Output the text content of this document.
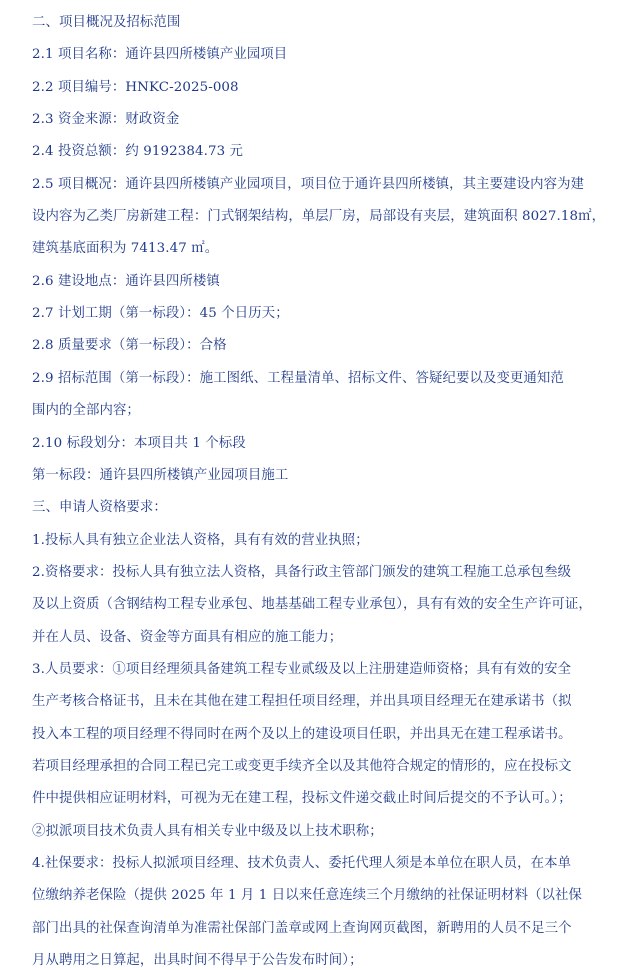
二、项目概况及招标范围
2.1 项目名称：通许县四所楼镇产业园项目
2.2 项目编号：HNKC-2025-008
2.3 资金来源：财政资金
2.4 投资总额：约 9192384.73 元
2.5 项目概况：通许县四所楼镇产业园项目，项目位于通许县四所楼镇，其主要建设内容为建
设内容为乙类厂房新建工程：门式钢架结构，单层厂房，局部设有夹层，建筑面积 8027.18㎡，
建筑基底面积为 7413.47 ㎡。
2.6 建设地点：通许县四所楼镇
2.7 计划工期（第一标段）：45 个日历天；
2.8 质量要求（第一标段）：合格
2.9 招标范围（第一标段）：施工图纸、工程量清单、招标文件、答疑纪要以及变更通知范
围内的全部内容；
2.10 标段划分：本项目共 1 个标段
第一标段：通许县四所楼镇产业园项目施工
三、申请人资格要求：
1.投标人具有独立企业法人资格，具有有效的营业执照；
2.资格要求：投标人具有独立法人资格，具备行政主管部门颁发的建筑工程施工总承包叁级
及以上资质（含钢结构工程专业承包、地基基础工程专业承包），具有有效的安全生产许可证，
并在人员、设备、资金等方面具有相应的施工能力；
3.人员要求：①项目经理须具备建筑工程专业贰级及以上注册建造师资格；具有有效的安全
生产考核合格证书，且未在其他在建工程担任项目经理，并出具项目经理无在建承诺书（拟
投入本工程的项目经理不得同时在两个及以上的建设项目任职，并出具无在建工程承诺书。
若项目经理承担的合同工程已完工或变更手续齐全以及其他符合规定的情形的，应在投标文
件中提供相应证明材料，可视为无在建工程，投标文件递交截止时间后提交的不予认可。）；
②拟派项目技术负责人具有相关专业中级及以上技术职称；
4.社保要求：投标人拟派项目经理、技术负责人、委托代理人须是本单位在职人员，在本单
位缴纳养老保险（提供 2025 年 1 月 1 日以来任意连续三个月缴纳的社保证明材料（以社保
部门出具的社保查询清单为准需社保部门盖章或网上查询网页截图，新聘用的人员不足三个
月从聘用之日算起，出具时间不得早于公告发布时间）；
